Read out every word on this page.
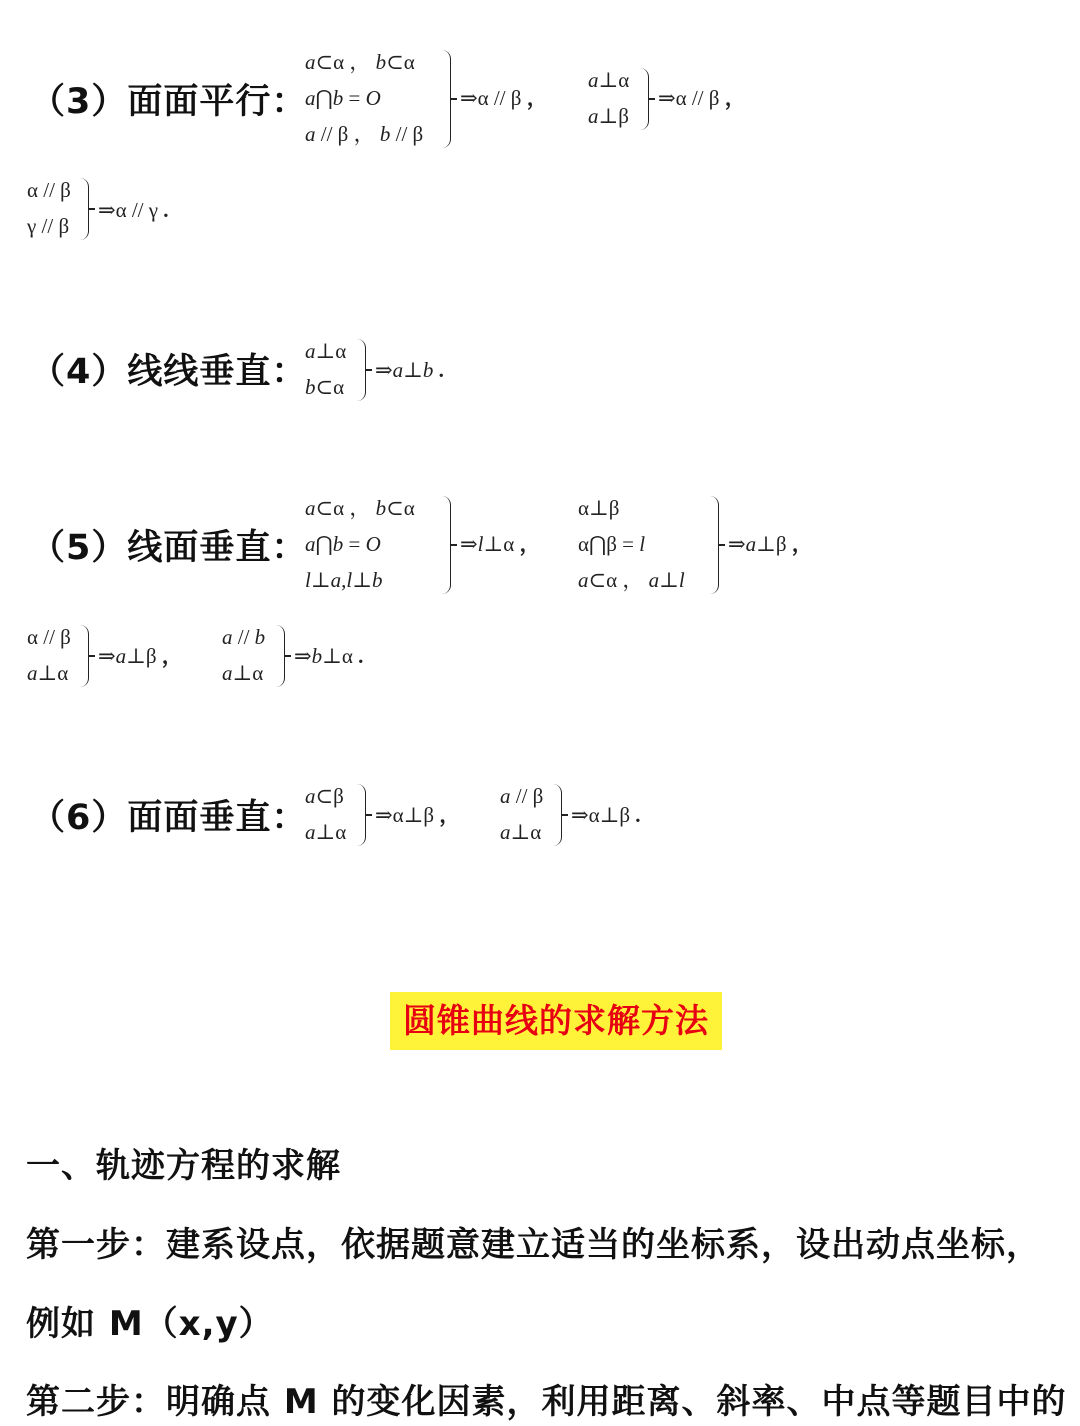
（3）面面平行：
a⊂α ， b⊂α
a⋂b = O
a // β ， b // β
⇒α // β ，
a⊥α
a⊥β
⇒α // β ，
α // β
γ // β
⇒α // γ .
（4）线线垂直：
a⊥α
b⊂α
⇒a⊥b .
（5）线面垂直：
a⊂α ， b⊂α
a⋂b = O
l⊥a,l⊥b
⇒l⊥α ，
α⊥β
α⋂β = l
a⊂α ， a⊥l
⇒a⊥β ，
α // β
a⊥α
⇒a⊥β ，
a // b
a⊥α
⇒b⊥α .
（6）面面垂直：
a⊂β
a⊥α
⇒α⊥β ，
a // β
a⊥α
⇒α⊥β .
圆锥曲线的求解方法
一、轨迹方程的求解
第一步：建系设点，依据题意建立适当的坐标系，设出动点坐标，
例如 M（x,y）
第二步：明确点 M 的变化因素，利用距离、斜率、中点等题目中的
